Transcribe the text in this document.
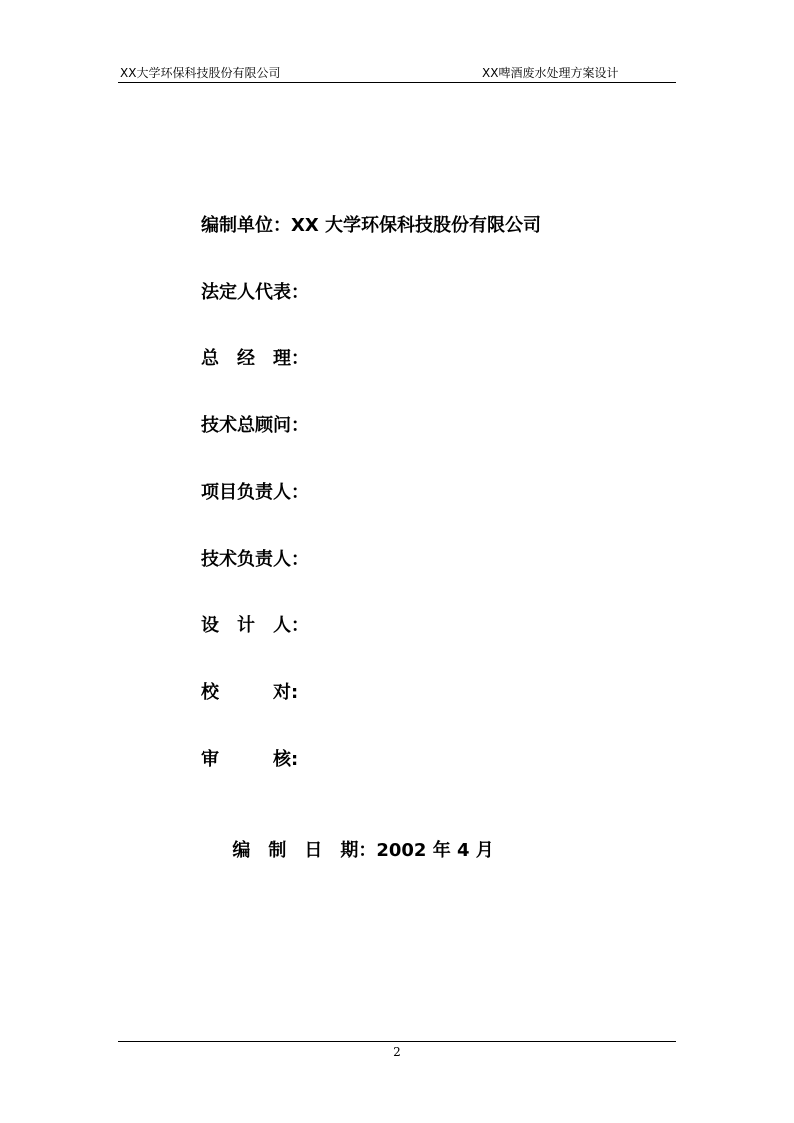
XX大学环保科技股份有限公司	XX啤酒废水处理方案设计
编制单位：XX 大学环保科技股份有限公司
法定人代表：
总　经　理：
技术总顾问：
项目负责人：
技术负责人：
设　计　人：
校　　　对:
审　　　核:

编　制　日　期：2002 年 4 月

2
